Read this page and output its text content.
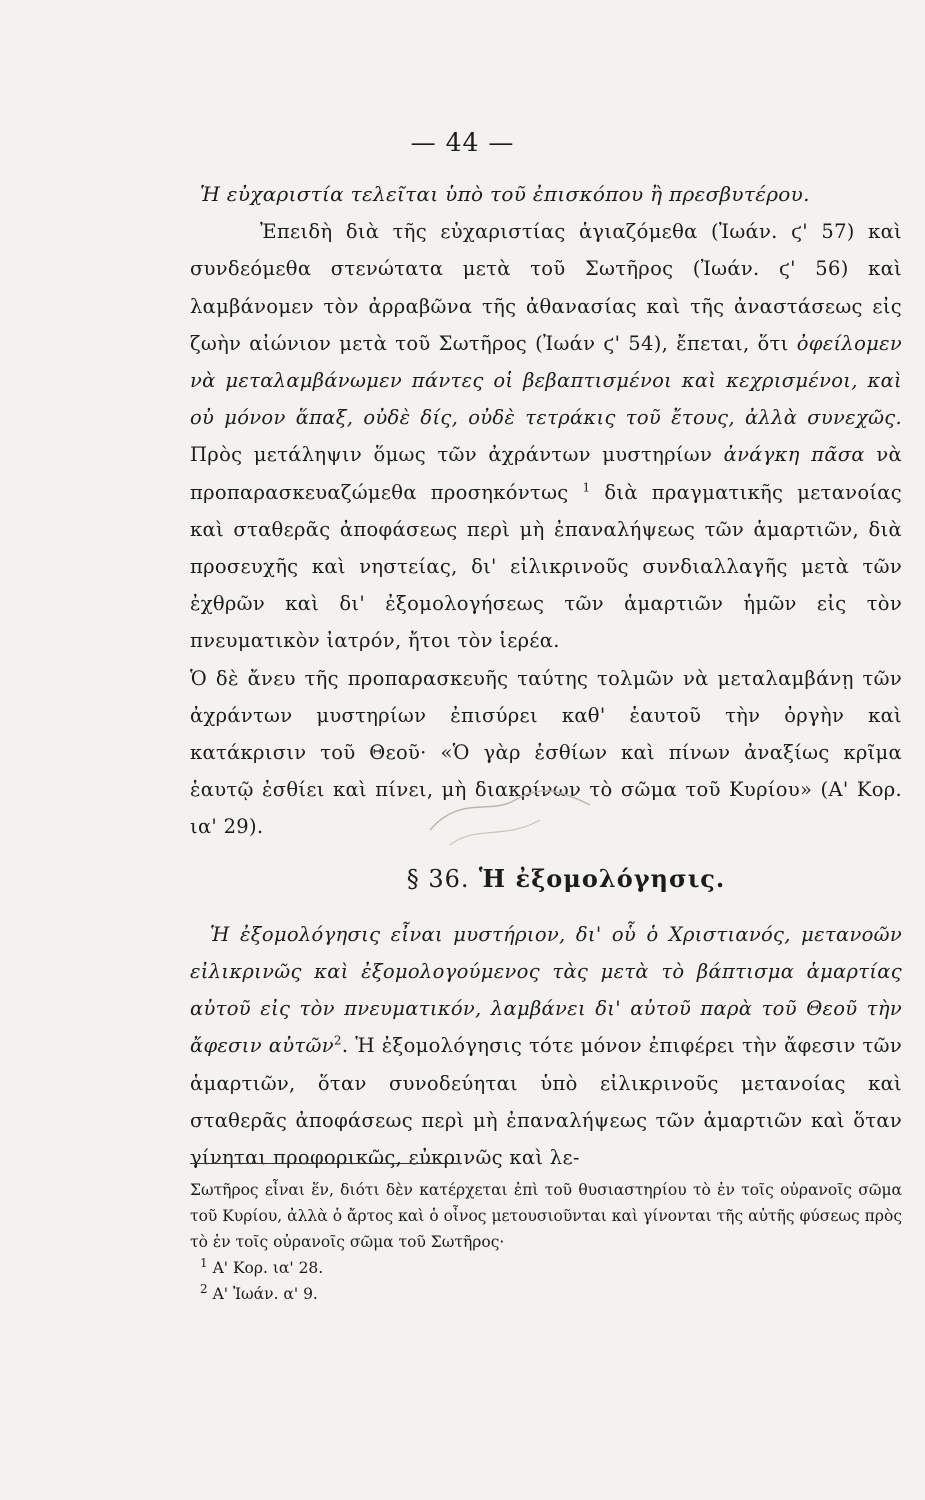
— 44 —

Ἡ εὐχαριστία τελεῖται ὑπὸ τοῦ ἐπισκόπου ἢ πρεσβυτέρου.

Ἐπειδὴ διὰ τῆς εὐχαριστίας ἁγιαζόμεθα (Ἰωάν. ϛ' 57) καὶ συνδεόμεθα στενώτατα μετὰ τοῦ Σωτῆρος (Ἰωάν. ϛ' 56) καὶ λαμβάνομεν τὸν ἀρραβῶνα τῆς ἀθανασίας καὶ τῆς ἀναστάσεως εἰς ζωὴν αἰώνιον μετὰ τοῦ Σωτῆρος (Ἰωάν ϛ' 54), ἔπεται, ὅτι ὀφείλομεν νὰ μεταλαμβάνωμεν πάντες οἱ βεβαπτισμένοι καὶ κεχρισμένοι, καὶ οὐ μόνον ἅπαξ, οὐδὲ δίς, οὐδὲ τετράκις τοῦ ἔτους, ἀλλὰ συνεχῶς. Πρὸς μετάληψιν ὅμως τῶν ἀχράντων μυστηρίων ἀνάγκη πᾶσα νὰ προπαρασκευαζώμεθα προσηκόντως $^1$ διὰ πραγματικῆς μετανοίας καὶ σταθερᾶς ἀποφάσεως περὶ μὴ ἐπαναλήψεως τῶν ἁμαρτιῶν, διὰ προσευχῆς καὶ νηστείας, δι' εἰλικρινοῦς συνδιαλλαγῆς μετὰ τῶν ἐχθρῶν καὶ δι' ἐξομολογήσεως τῶν ἁμαρτιῶν ἡμῶν εἰς τὸν πνευματικὸν ἰατρόν, ἤτοι τὸν ἱερέα.

Ὁ δὲ ἄνευ τῆς προπαρασκευῆς ταύτης τολμῶν νὰ μεταλαμβάνῃ τῶν ἀχράντων μυστηρίων ἐπισύρει καθ' ἑαυτοῦ τὴν ὀργὴν καὶ κατάκρισιν τοῦ Θεοῦ· «Ὁ γὰρ ἐσθίων καὶ πίνων ἀναξίως κρῖμα ἑαυτῷ ἐσθίει καὶ πίνει, μὴ διακρίνων τὸ σῶμα τοῦ Κυρίου» (Α' Κορ. ια' 29).

§ 36. Ἡ ἐξομολόγησις.

Ἡ ἐξομολόγησις εἶναι μυστήριον, δι' οὗ ὁ Χριστιανός, μετανοῶν εἰλικρινῶς καὶ ἐξομολογούμενος τὰς μετὰ τὸ βάπτισμα ἁμαρτίας αὐτοῦ εἰς τὸν πνευματικόν, λαμβάνει δι' αὐτοῦ παρὰ τοῦ Θεοῦ τὴν ἄφεσιν αὐτῶν$^2$. Ἡ ἐξομολόγησις τότε μόνον ἐπιφέρει τὴν ἄφεσιν τῶν ἁμαρτιῶν, ὅταν συνοδεύηται ὑπὸ εἰλικρινοῦς μετανοίας καὶ σταθερᾶς ἀποφάσεως περὶ μὴ ἐπαναλήψεως τῶν ἁμαρτιῶν καὶ ὅταν γίνηται προφορικῶς, εὐκρινῶς καὶ λε-

Σωτῆρος εἶναι ἕν, διότι δὲν κατέρχεται ἐπὶ τοῦ θυσιαστηρίου τὸ ἐν τοῖς οὐρανοῖς σῶμα τοῦ Κυρίου, ἀλλὰ ὁ ἄρτος καὶ ὁ οἶνος μετουσιοῦνται καὶ γίνονται τῆς αὐτῆς φύσεως πρὸς τὸ ἐν τοῖς οὐρανοῖς σῶμα τοῦ Σωτῆρος·

$^1$ Α' Κορ. ια' 28.

$^2$ Α' Ἰωάν. α' 9.
